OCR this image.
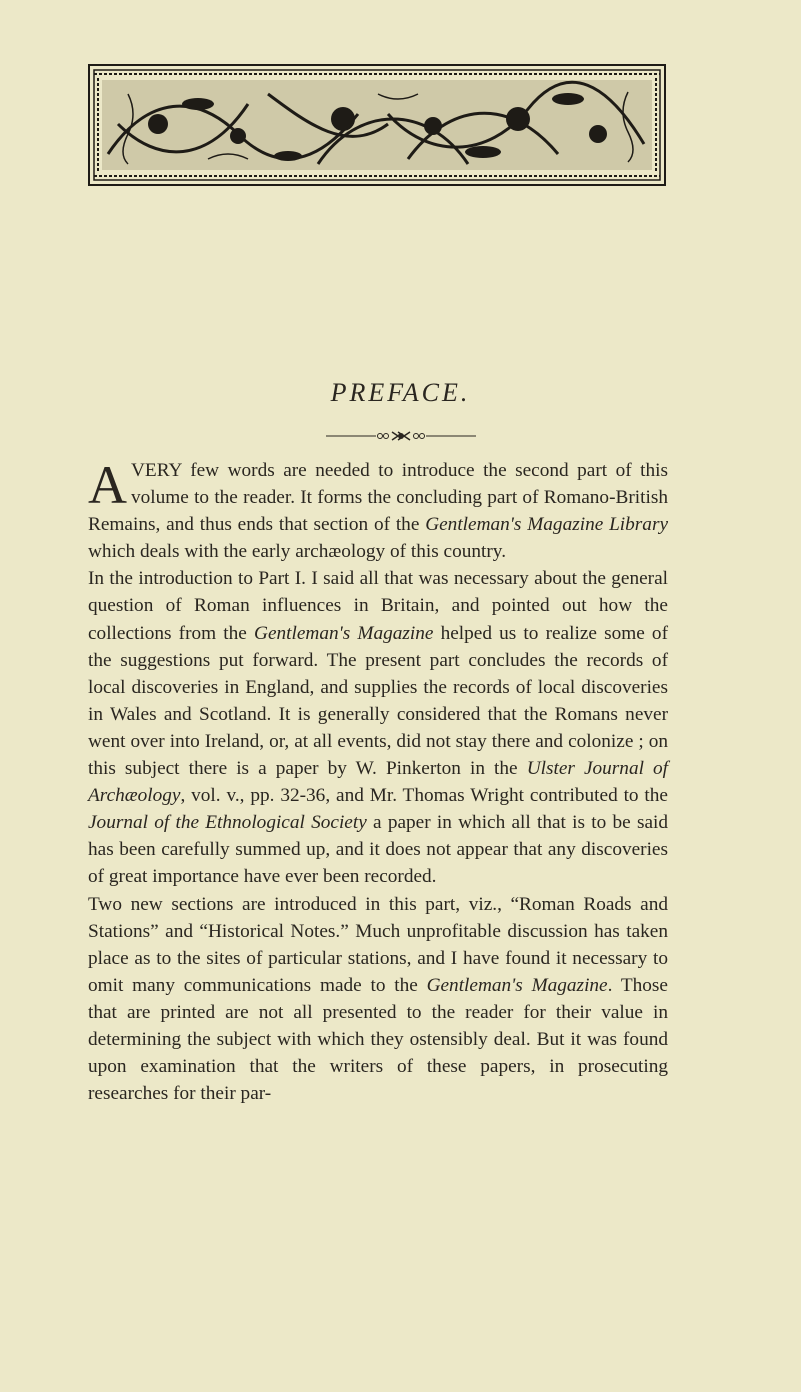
PREFACE.

A VERY few words are needed to introduce the second part of this volume to the reader. It forms the concluding part of Romano-British Remains, and thus ends that section of the Gentleman's Magazine Library which deals with the early archæology of this country.

In the introduction to Part I. I said all that was necessary about the general question of Roman influences in Britain, and pointed out how the collections from the Gentleman's Magazine helped us to realize some of the suggestions put forward. The present part concludes the records of local discoveries in England, and supplies the records of local discoveries in Wales and Scotland. It is generally considered that the Romans never went over into Ireland, or, at all events, did not stay there and colonize ; on this subject there is a paper by W. Pinkerton in the Ulster Journal of Archæology, vol. v., pp. 32-36, and Mr. Thomas Wright contributed to the Journal of the Ethnological Society a paper in which all that is to be said has been carefully summed up, and it does not appear that any discoveries of great importance have ever been recorded.

Two new sections are introduced in this part, viz., “Roman Roads and Stations” and “Historical Notes.” Much unprofitable discussion has taken place as to the sites of particular stations, and I have found it necessary to omit many communications made to the Gentleman's Magazine. Those that are printed are not all presented to the reader for their value in determining the subject with which they ostensibly deal. But it was found upon examination that the writers of these papers, in prosecuting researches for their par-
